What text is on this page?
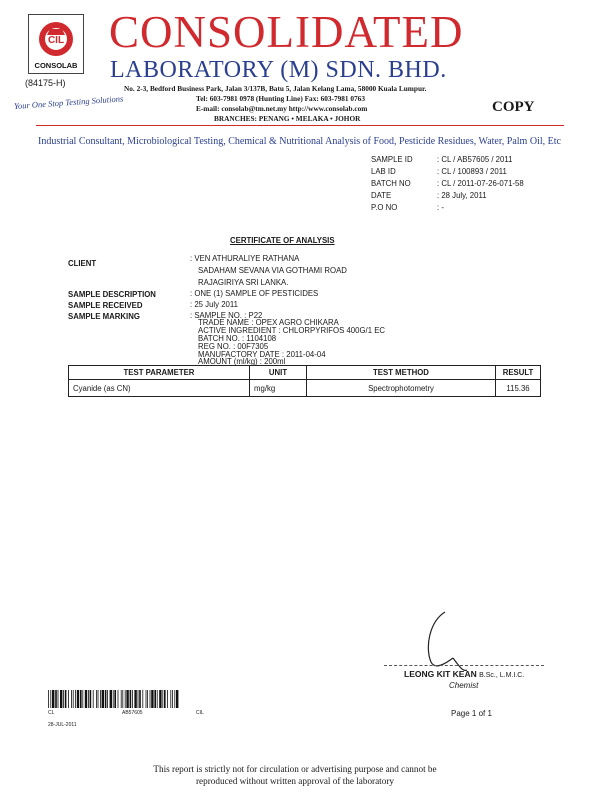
CIL
CONSOLAB
(84175-H)
Your One Stop Testing Solutions
CONSOLIDATED
LABORATORY (M) SDN. BHD.
No. 2-3, Bedford Business Park, Jalan 3/137B, Batu 5, Jalan Kelang Lama, 58000 Kuala Lumpur.
Tel: 603-7981 0978 (Hunting Line) Fax: 603-7981 0763
E-mail: consolab@tm.net.my http://www.consolab.com
BRANCHES: PENANG • MELAKA • JOHOR
COPY
Industrial Consultant, Microbiological Testing, Chemical & Nutritional Analysis of Food, Pesticide Residues, Water, Palm Oil, Etc
SAMPLE ID	: CL / AB57605 / 2011
LAB ID	: CL / 100893 / 2011
BATCH NO	: CL / 2011-07-26-071-58
DATE	: 28 July, 2011
P.O NO	: -
CERTIFICATE OF ANALYSIS
CLIENT
: VEN ATHURALIYE RATHANA
SADAHAM SEVANA VIA GOTHAMI ROAD
RAJAGIRIYA SRI LANKA.
SAMPLE DESCRIPTION	: ONE (1) SAMPLE OF PESTICIDES
SAMPLE RECEIVED	: 25 July 2011
SAMPLE MARKING	: SAMPLE NO. : P22
TRADE NAME : OPEX AGRO CHIKARA
ACTIVE INGREDIENT : CHLORPYRIFOS 400G/1 EC
BATCH NO. : 1104108
REG NO. : 00F7305
MANUFACTORY DATE : 2011-04-04
AMOUNT (ml/kg) : 200ml
TEST PARAMETER	UNIT	TEST METHOD	RESULT
Cyanide (as CN)	mg/kg	Spectrophotometry	115.36
LEONG KIT KEAN B.Sc., L.M.I.C.
Chemist
CL	AB57605	CIL
28-JUL-2011
Page 1 of 1
This report is strictly not for circulation or advertising purpose and cannot be
reproduced without written approval of the laboratory
